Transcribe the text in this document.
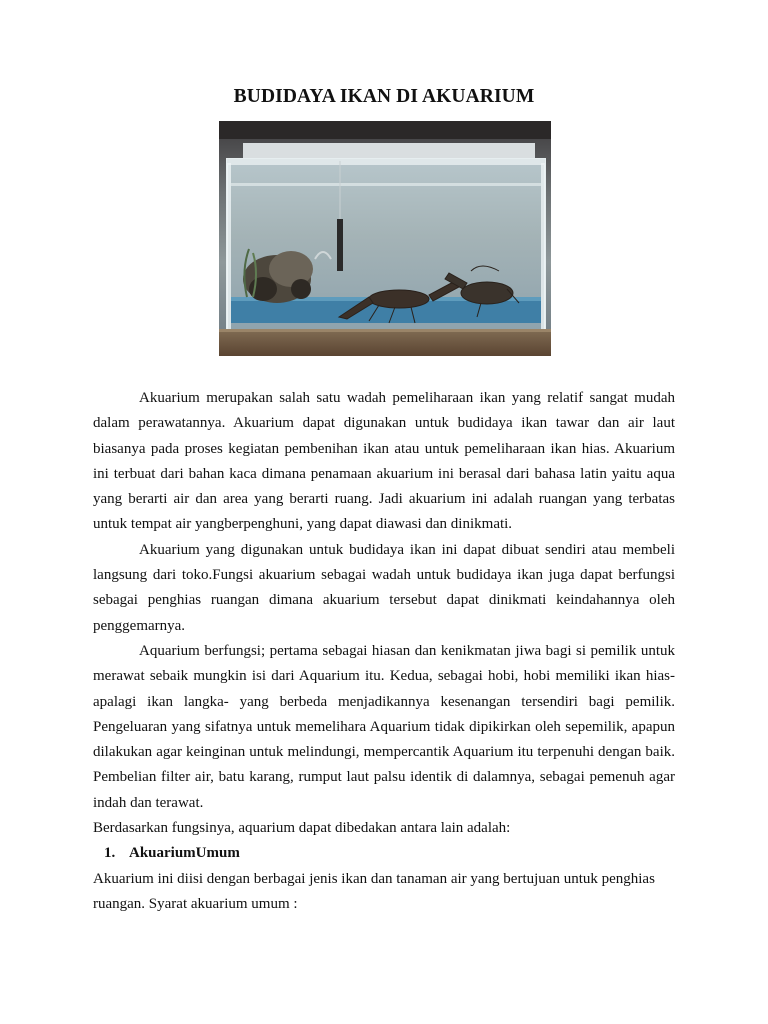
BUDIDAYA IKAN DI AKUARIUM

Akuarium merupakan salah satu wadah pemeliharaan ikan yang relatif sangat mudah dalam perawatannya. Akuarium dapat digunakan untuk budidaya ikan tawar dan air laut biasanya pada proses kegiatan pembenihan ikan atau untuk pemeliharaan ikan hias. Akuarium ini terbuat dari bahan kaca dimana penamaan akuarium ini berasal dari bahasa latin yaitu aqua yang berarti air dan area yang berarti ruang. Jadi akuarium ini adalah ruangan yang terbatas untuk tempat air yangberpenghuni, yang dapat diawasi dan dinikmati.

Akuarium yang digunakan untuk budidaya ikan ini dapat dibuat sendiri atau membeli langsung dari toko.Fungsi akuarium sebagai wadah untuk budidaya ikan juga dapat berfungsi sebagai penghias ruangan dimana akuarium tersebut dapat dinikmati keindahannya oleh penggemarnya.

Aquarium berfungsi; pertama sebagai hiasan dan kenikmatan jiwa bagi si pemilik untuk merawat sebaik mungkin isi dari Aquarium itu. Kedua, sebagai hobi, hobi memiliki ikan hias-apalagi ikan langka- yang berbeda menjadikannya kesenangan tersendiri bagi pemilik. Pengeluaran yang sifatnya untuk memelihara Aquarium tidak dipikirkan oleh sepemilik, apapun dilakukan agar keinginan untuk melindungi, mempercantik Aquarium itu terpenuhi dengan baik. Pembelian filter air, batu karang, rumput laut palsu identik di dalamnya, sebagai pemenuh agar indah dan terawat.

Berdasarkan fungsinya, aquarium dapat dibedakan antara lain adalah:

1. AkuariumUmum

Akuarium ini diisi dengan berbagai jenis ikan dan tanaman air yang bertujuan untuk penghias ruangan. Syarat akuarium umum :
